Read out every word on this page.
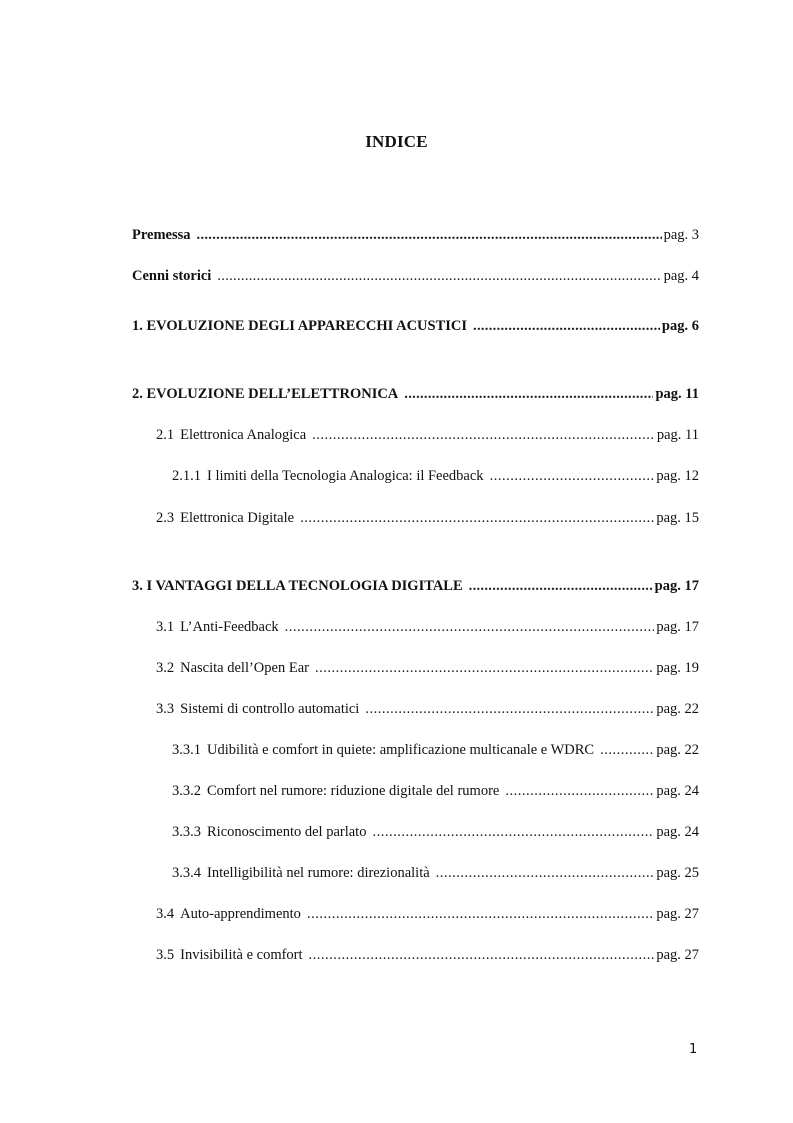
INDICE
Premessa .....	pag. 3
Cenni storici .....	pag. 4
1. EVOLUZIONE DEGLI APPARECCHI ACUSTICI .....	pag. 6
2. EVOLUZIONE DELL’ELETTRONICA .....	pag. 11
2.1 Elettronica Analogica .....	pag. 11
2.1.1 I limiti della Tecnologia Analogica: il Feedback .....	pag. 12
2.3 Elettronica Digitale .....	pag. 15
3. I VANTAGGI DELLA TECNOLOGIA DIGITALE .....	pag. 17
3.1 L’Anti-Feedback .....	pag. 17
3.2 Nascita dell’Open Ear .....	pag. 19
3.3 Sistemi di controllo automatici .....	pag. 22
3.3.1 Udibilità e comfort in quiete: amplificazione multicanale e WDRC .....	pag. 22
3.3.2 Comfort nel rumore: riduzione digitale del rumore .....	pag. 24
3.3.3 Riconoscimento del parlato .....	pag. 24
3.3.4 Intelligibilità nel rumore: direzionalità .....	pag. 25
3.4 Auto-apprendimento .....	pag. 27
3.5 Invisibilità e comfort .....	pag. 27
1
